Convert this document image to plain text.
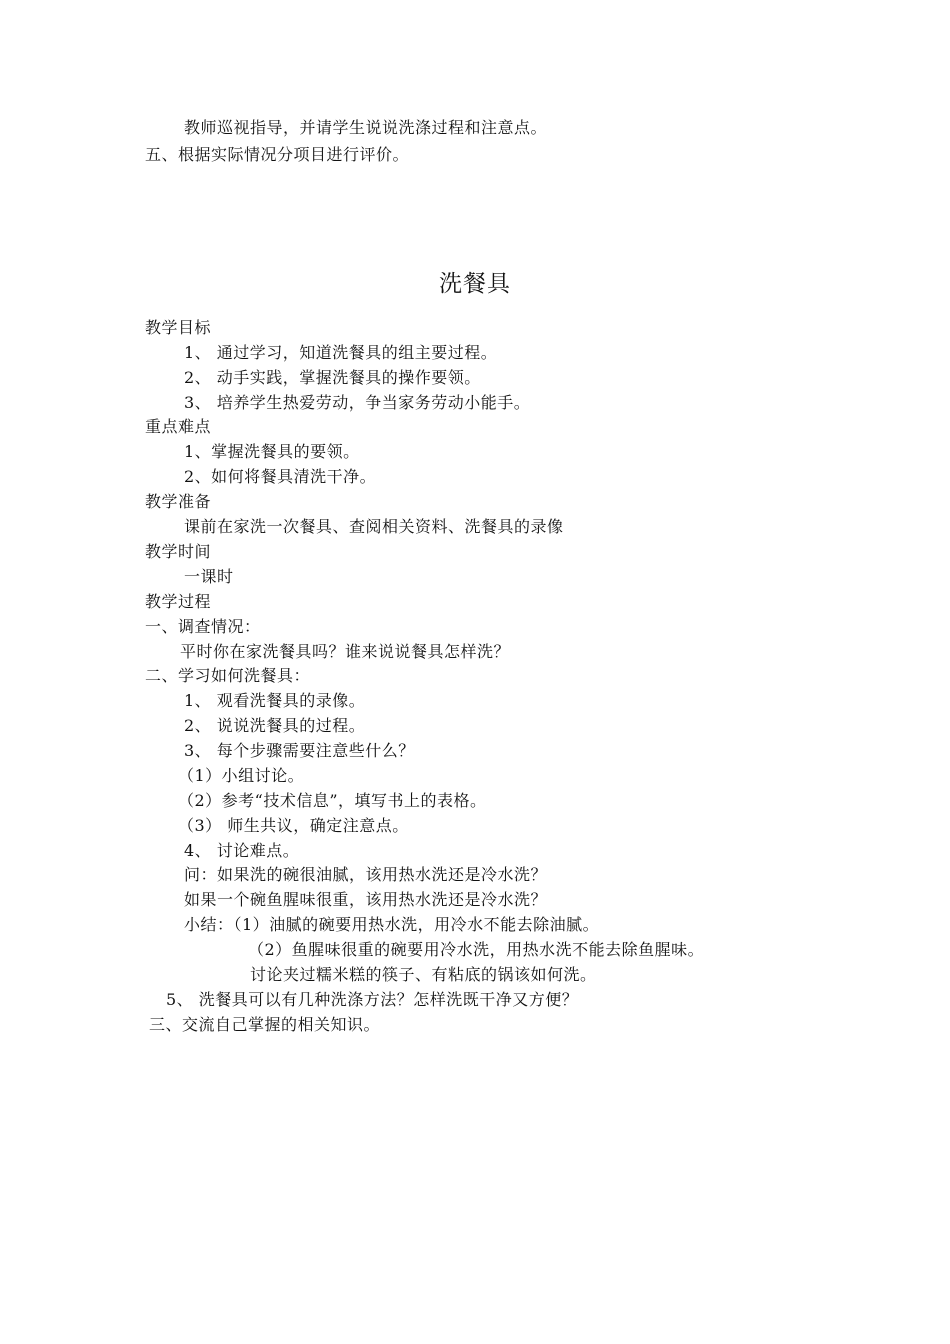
教师巡视指导，并请学生说说洗涤过程和注意点。
五、根据实际情况分项目进行评价。
洗餐具
教学目标
1、 通过学习，知道洗餐具的组主要过程。
2、 动手实践，掌握洗餐具的操作要领。
3、 培养学生热爱劳动，争当家务劳动小能手。
重点难点
1、掌握洗餐具的要领。
2、如何将餐具清洗干净。
教学准备
课前在家洗一次餐具、查阅相关资料、洗餐具的录像
教学时间
一课时
教学过程
一、调查情况：
平时你在家洗餐具吗？谁来说说餐具怎样洗？
二、学习如何洗餐具：
1、 观看洗餐具的录像。
2、 说说洗餐具的过程。
3、 每个步骤需要注意些什么？
（1）小组讨论。
（2）参考“技术信息”，填写书上的表格。
（3） 师生共议，确定注意点。
4、 讨论难点。
问：如果洗的碗很油腻，该用热水洗还是冷水洗？
如果一个碗鱼腥味很重，该用热水洗还是冷水洗？
小结：（1）油腻的碗要用热水洗，用冷水不能去除油腻。
（2）鱼腥味很重的碗要用冷水洗，用热水洗不能去除鱼腥味。
讨论夹过糯米糕的筷子、有粘底的锅该如何洗。
5、 洗餐具可以有几种洗涤方法？怎样洗既干净又方便？
三、交流自己掌握的相关知识。
